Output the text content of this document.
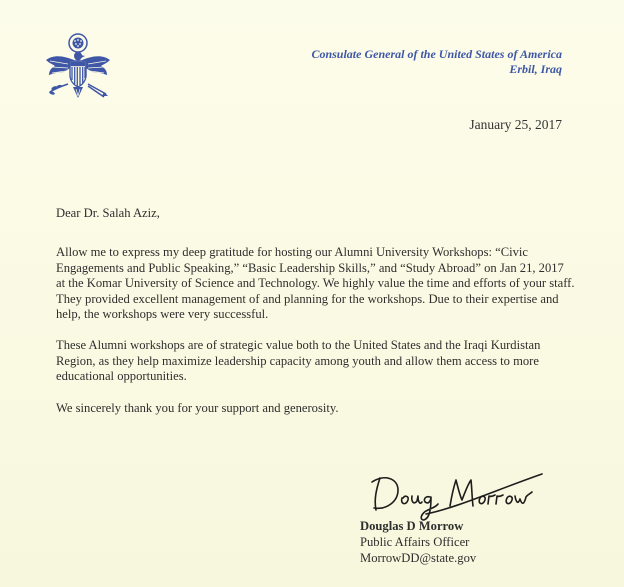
Consulate General of the United States of America
Erbil, Iraq
January 25, 2017

Dear Dr. Salah Aziz,

Allow me to express my deep gratitude for hosting our Alumni University Workshops: “Civic Engagements and Public Speaking,” “Basic Leadership Skills,” and “Study Abroad” on Jan 21, 2017 at the Komar University of Science and Technology. We highly value the time and efforts of your staff. They provided excellent management of and planning for the workshops. Due to their expertise and help, the workshops were very successful.

These Alumni workshops are of strategic value both to the United States and the Iraqi Kurdistan Region, as they help maximize leadership capacity among youth and allow them access to more educational opportunities.

We sincerely thank you for your support and generosity.

Douglas D Morrow
Public Affairs Officer
MorrowDD@state.gov
